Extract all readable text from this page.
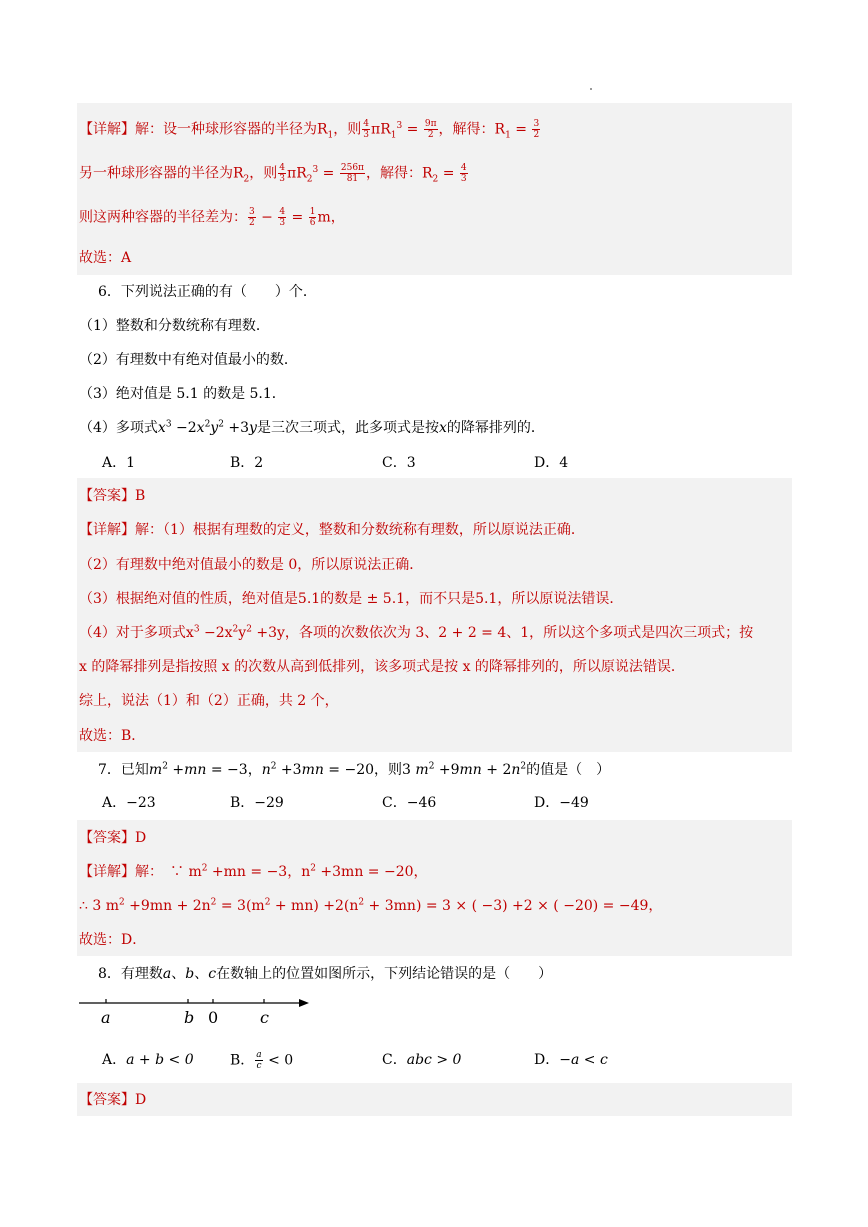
【详解】解：设一种球形容器的半径为$R_1$，则 $\frac{4}{3} \pi R_1^3 = \frac{9\pi}{2}$ ，解得：$R_1 = \frac{3}{2}$
另一种球形容器的半径为$R_2$，则 $\frac{4}{3} \pi R_2^3 = \frac{256\pi}{81}$ ，解得：$R_2 = \frac{4}{3}$
则这两种容器的半径差为： $\frac{3}{2} - \frac{4}{3} = \frac{1}{6}$ m，
故选：A
6．下列说法正确的有（　　）个．
（1）整数和分数统称有理数．
（2）有理数中有绝对值最小的数．
（3）绝对值是 5.1 的数是 5.1．
（4）多项式$x^3 -2x^2y^2 +3y$是三次三项式，此多项式是按x的降幂排列的．
A．1	B．2	C．3	D．4
【答案】B
【详解】解：（1）根据有理数的定义，整数和分数统称有理数，所以原说法正确．
（2）有理数中绝对值最小的数是 0，所以原说法正确．
（3）根据绝对值的性质，绝对值是5.1的数是 ± 5.1，而不只是5.1，所以原说法错误．
（4）对于多项式$x^3 -2x^2y^2 +3y$，各项的次数依次为 3、2 + 2 = 4、1，所以这个多项式是四次三项式；按
x 的降幂排列是指按照 x 的次数从高到低排列，该多项式是按 x 的降幂排列的，所以原说法错误．
综上，说法（1）和（2）正确，共 2 个，
故选：B．
7．已知$m^2 +mn = -3$，$n^2 +3mn = -20$，则3 $m^2 +9mn + 2n^2$的值是（　）
A．−23	B．−29	C．−46	D．−49
【答案】D
【详解】解：　∵ $m^2 +mn = -3$，$n^2 +3mn = -20$，
∴ 3 $m^2 +9mn + 2n^2 = 3(m^2 + mn) +2(n^2 + 3mn) = 3$ × ( −3) +2 × ( −20) = −49，
故选：D．
8．有理数a、b、c在数轴上的位置如图所示，下列结论错误的是（　　）
a	b 0	c
A．a + b < 0	B． $\frac{a}{c} < 0$	C．abc > 0	D．−a < c
【答案】D
